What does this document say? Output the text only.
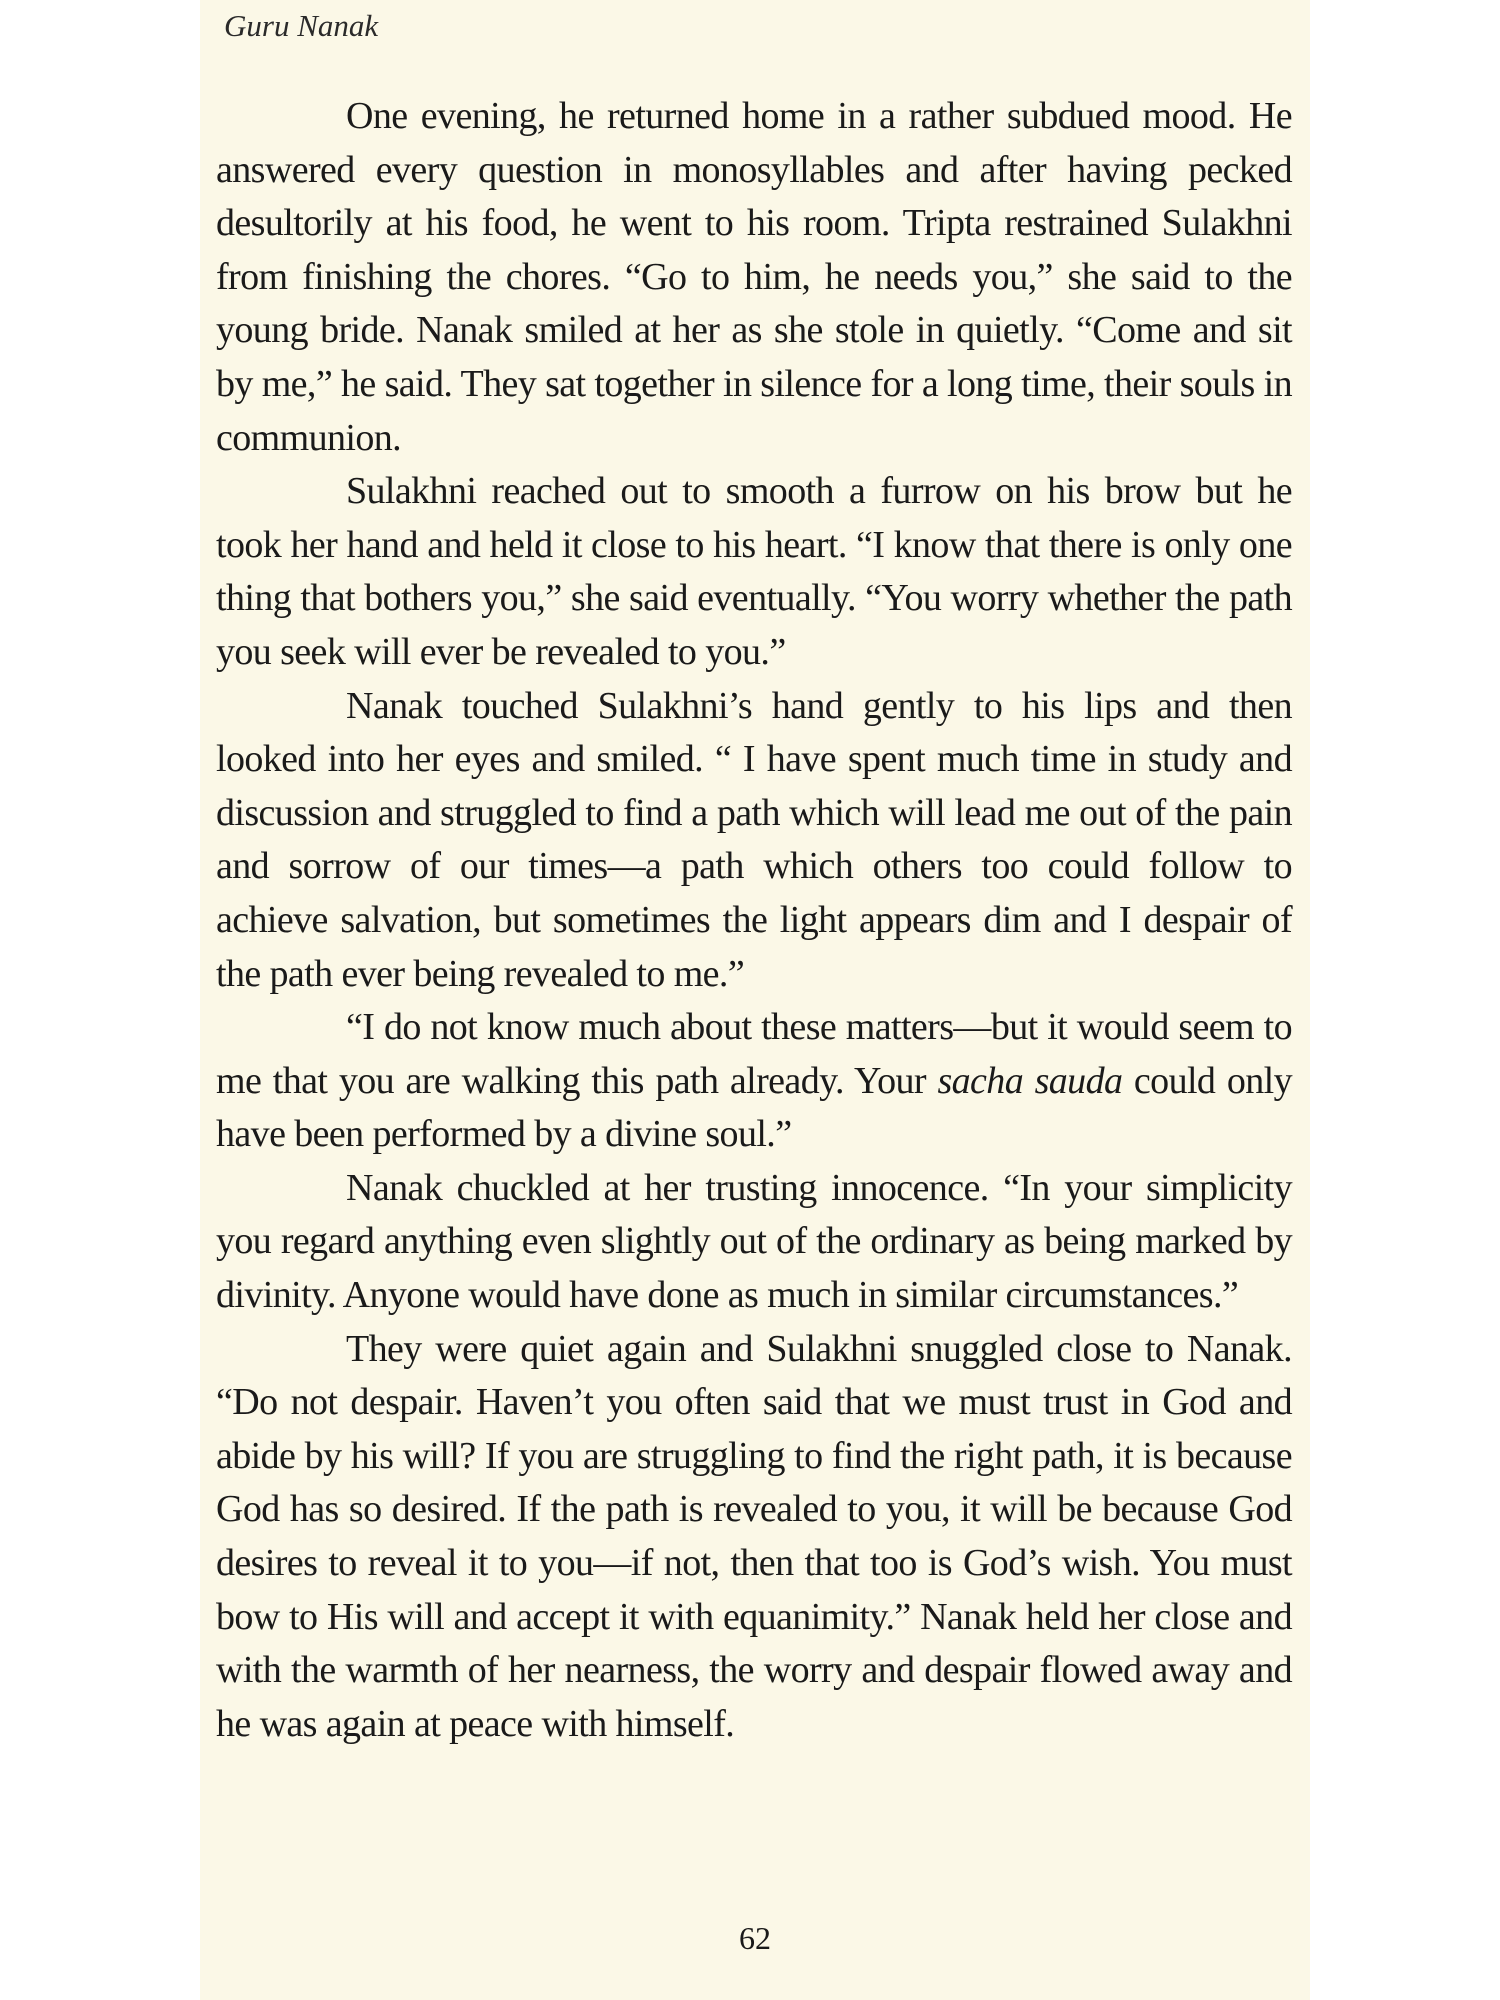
Guru Nanak

One evening, he returned home in a rather subdued mood. He answered every question in monosyllables and after having pecked desultorily at his food, he went to his room. Tripta restrained Sulakhni from finishing the chores. “Go to him, he needs you,” she said to the young bride. Nanak smiled at her as she stole in quietly. “Come and sit by me,” he said. They sat together in silence for a long time, their souls in communion.

Sulakhni reached out to smooth a furrow on his brow but he took her hand and held it close to his heart. “I know that there is only one thing that bothers you,” she said eventually. “You worry whether the path you seek will ever be revealed to you.”

Nanak touched Sulakhni’s hand gently to his lips and then looked into her eyes and smiled. “ I have spent much time in study and discussion and struggled to find a path which will lead me out of the pain and sorrow of our times—a path which others too could follow to achieve salvation, but sometimes the light appears dim and I despair of the path ever being revealed to me.”

“I do not know much about these matters—but it would seem to me that you are walking this path already. Your sacha sauda could only have been performed by a divine soul.”

Nanak chuckled at her trusting innocence. “In your simplicity you regard anything even slightly out of the ordinary as being marked by divinity. Anyone would have done as much in similar circumstances.”

They were quiet again and Sulakhni snuggled close to Nanak. “Do not despair. Haven’t you often said that we must trust in God and abide by his will? If you are struggling to find the right path, it is because God has so desired. If the path is revealed to you, it will be because God desires to reveal it to you—if not, then that too is God’s wish. You must bow to His will and accept it with equanimity.” Nanak held her close and with the warmth of her nearness, the worry and despair flowed away and he was again at peace with himself.

62
